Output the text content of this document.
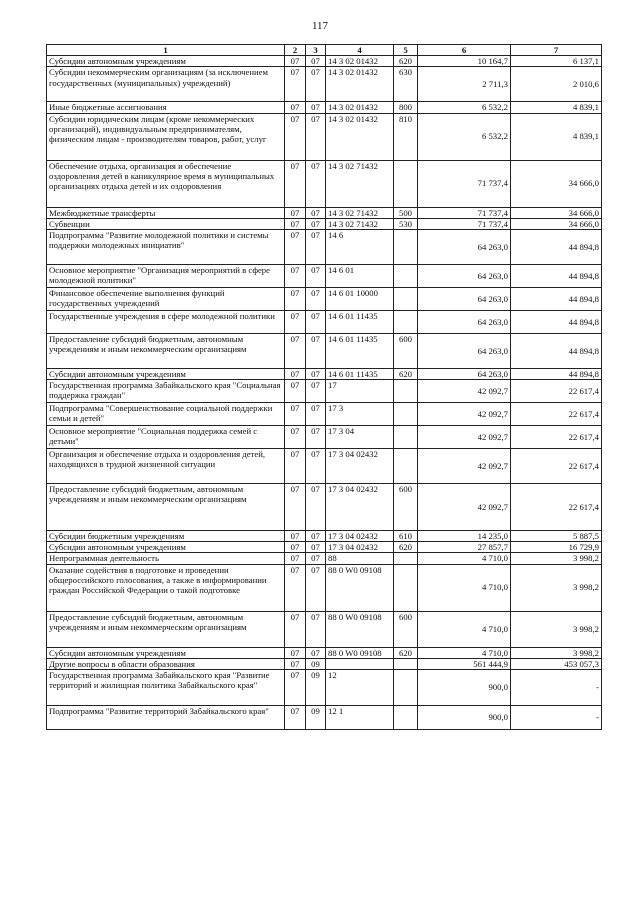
117
1	2	3	4	5	6	7
Субсидии автономным учреждениям	07	07	14 3 02 01432	620	10 164,7	6 137,1
Субсидии некоммерческим организациям (за исключением государственных (муниципальных) учреждений)	07	07	14 3 02 01432	630	2 711,3	2 010,6
Иные бюджетные ассигнования	07	07	14 3 02 01432	800	6 532,2	4 839,1
Субсидии юридическим лицам (кроме некоммерческих организаций), индивидуальным предпринимателям, физическим лицам - производителям товаров, работ, услуг	07	07	14 3 02 01432	810	6 532,2	4 839,1
Обеспечение отдыха, организация и обеспечение оздоровления детей в каникулярное время в муниципальных организациях отдыха детей и их оздоровления	07	07	14 3 02 71432		71 737,4	34 666,0
Межбюджетные трансферты	07	07	14 3 02 71432	500	71 737,4	34 666,0
Субвенции	07	07	14 3 02 71432	530	71 737,4	34 666,0
Подпрограмма "Развитие молодежной политики и системы поддержки молодежных инициатив"	07	07	14 6		64 263,0	44 894,8
Основное мероприятие "Организация мероприятий в сфере молодежной политики"	07	07	14 6 01		64 263,0	44 894,8
Финансовое обеспечение выполнения функций государственных учреждений	07	07	14 6 01 10000		64 263,0	44 894,8
Государственные учреждения в сфере молодежной политики	07	07	14 6 01 11435		64 263,0	44 894,8
Предоставление субсидий бюджетным, автономным учреждениям и иным некоммерческим организациям	07	07	14 6 01 11435	600	64 263,0	44 894,8
Субсидии автономным учреждениям	07	07	14 6 01 11435	620	64 263,0	44 894,8
Государственная программа Забайкальского края "Социальная поддержка граждан"	07	07	17		42 092,7	22 617,4
Подпрограмма "Совершенствование социальной поддержки семьи и детей"	07	07	17 3		42 092,7	22 617,4
Основное мероприятие "Социальная поддержка семей с детьми"	07	07	17 3 04		42 092,7	22 617,4
Организация и обеспечение отдыха и оздоровления детей, находящихся в трудной жизненной ситуации	07	07	17 3 04 02432		42 092,7	22 617,4
Предоставление субсидий бюджетным, автономным учреждениям и иным некоммерческим организациям	07	07	17 3 04 02432	600	42 092,7	22 617,4
Субсидии бюджетным учреждениям	07	07	17 3 04 02432	610	14 235,0	5 887,5
Субсидии автономным учреждениям	07	07	17 3 04 02432	620	27 857,7	16 729,9
Непрограммная деятельность	07	07	88		4 710,0	3 998,2
Оказание содействия в подготовке и проведении общероссийского голосования, а также в информировании граждан Российской Федерации о такой подготовке	07	07	88 0 W0 09108		4 710,0	3 998,2
Предоставление субсидий бюджетным, автономным учреждениям и иным некоммерческим организациям	07	07	88 0 W0 09108	600	4 710,0	3 998,2
Субсидии автономным учреждениям	07	07	88 0 W0 09108	620	4 710,0	3 998,2
Другие вопросы в области образования	07	09			561 444,9	453 057,3
Государственная программа Забайкальского края "Развитие территорий и жилищная политика Забайкальского края"	07	09	12		900,0	-
Подпрограмма "Развитие территорий Забайкальского края"	07	09	12 1		900,0	-
